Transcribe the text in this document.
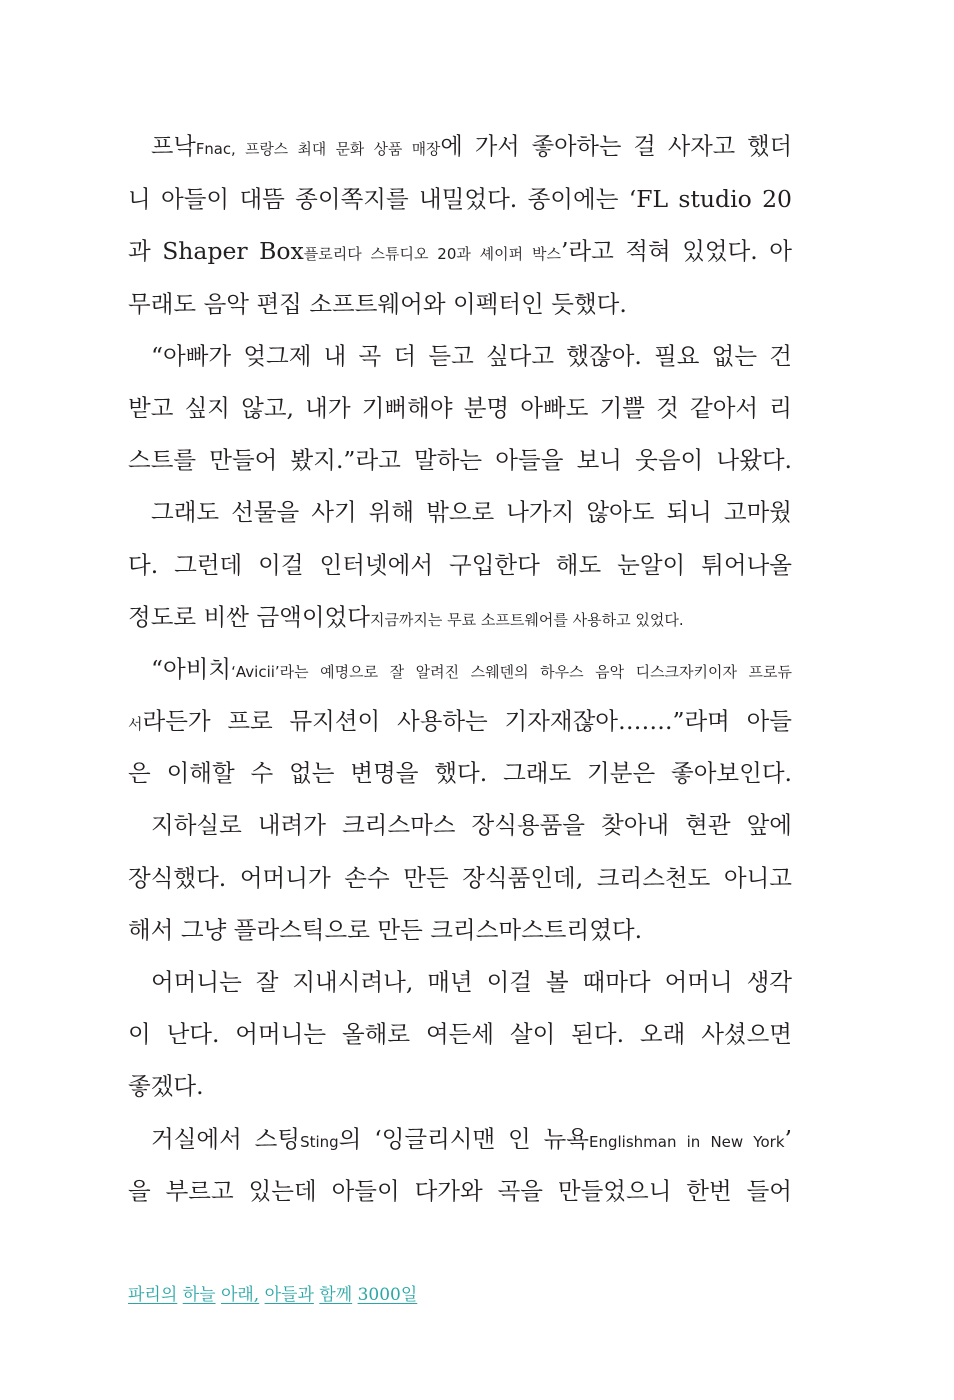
프낙Fnac, 프랑스 최대 문화 상품 매장에 가서 좋아하는 걸 사자고 했더
니 아들이 대뜸 종이쪽지를 내밀었다. 종이에는 ‘FL studio 20
과 Shaper Box플로리다 스튜디오 20과 셰이퍼 박스’라고 적혀 있었다. 아
무래도 음악 편집 소프트웨어와 이펙터인 듯했다.
“아빠가 엊그제 내 곡 더 듣고 싶다고 했잖아. 필요 없는 건
받고 싶지 않고, 내가 기뻐해야 분명 아빠도 기쁠 것 같아서 리
스트를 만들어 봤지.”라고 말하는 아들을 보니 웃음이 나왔다.
그래도 선물을 사기 위해 밖으로 나가지 않아도 되니 고마웠
다. 그런데 이걸 인터넷에서 구입한다 해도 눈알이 튀어나올
정도로 비싼 금액이었다지금까지는 무료 소프트웨어를 사용하고 있었다.
“아비치‘Avicii’라는 예명으로 잘 알려진 스웨덴의 하우스 음악 디스크자키이자 프로듀
서라든가 프로 뮤지션이 사용하는 기자재잖아…….”라며 아들
은 이해할 수 없는 변명을 했다. 그래도 기분은 좋아보인다.
지하실로 내려가 크리스마스 장식용품을 찾아내 현관 앞에
장식했다. 어머니가 손수 만든 장식품인데, 크리스천도 아니고
해서 그냥 플라스틱으로 만든 크리스마스트리였다.
어머니는 잘 지내시려나, 매년 이걸 볼 때마다 어머니 생각
이 난다. 어머니는 올해로 여든세 살이 된다. 오래 사셨으면
좋겠다.
거실에서 스팅Sting의 ‘잉글리시맨 인 뉴욕Englishman in New York’
을 부르고 있는데 아들이 다가와 곡을 만들었으니 한번 들어
파리의 하늘 아래, 아들과 함께 3000일
